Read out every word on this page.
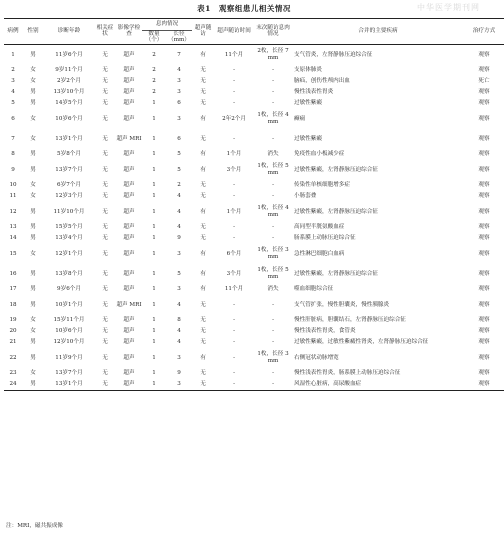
表1　观察组患儿相关情况	中华医学期刊网
病例	性别	诊断年龄	相关症状	影像学检查	息肉情况		超声随访	超声随访时间	末次随访息肉情况	合并的主要疾病	治疗方式
					数量（个）	长径（mm）					
1	男	11岁6个月	无	超声	2	7	有	11个月	2枚，长径 7 mm	支气管炎，左肾静脉压迫综合征	观察
2	女	9岁11个月	无	超声	2	4	无	-	-	支原体肺炎	观察
3	女	2岁2个月	无	超声	2	3	无	-	-	脑疝，创伤性颅内出血	死亡
4	男	13岁10个月	无	超声	2	3	无	-	-	慢性浅表性胃炎	观察
5	男	14岁5个月	无	超声	1	6	无	-	-	过敏性紫癜	观察
6	女	10岁6个月	无	超声	1	3	有	2年2个月	1枚，长径 4 mm	癫痫	观察
7	女	13岁1个月	无	超声 MRI	1	6	无	-	-	过敏性紫癜	观察
8	男	5岁8个月	无	超声	1	5	有	1个月	消失	免疫性血小板减少症	观察
9	男	13岁7个月	无	超声	1	5	有	3个月	1枚，长径 5 mm	过敏性紫癜，左肾静脉压迫综合征	观察
10	女	6岁7个月	无	超声	1	2	无	-	-	传染性单核细胞增多症	观察
11	女	12岁3个月	无	超声	1	4	无	-	-	小肠套叠	观察
12	男	11岁10个月	无	超声	1	4	有	1个月	1枚，长径 4 mm	过敏性紫癜，左肾静脉压迫综合征	观察
13	男	15岁5个月	无	超声	1	4	无	-	-	高同型半胱氨酸血症	观察
14	男	13岁4个月	无	超声	1	9	无	-	-	肠系膜上动脉压迫综合征	观察
15	女	12岁1个月	无	超声	1	3	有	6个月	1枚，长径 3 mm	急性淋巴细胞白血病	观察
16	男	13岁8个月	无	超声	1	5	有	3个月	1枚，长径 5 mm	过敏性紫癜，左肾静脉压迫综合征	观察
17	男	9岁6个月	无	超声	1	3	有	11个月	消失	噬血细胞综合征	观察
18	男	10岁1个月	无	超声 MRI	1	4	无	-	-	支气管扩张，慢性胆囊炎，慢性胰腺炎	观察
19	女	15岁11个月	无	超声	1	8	无	-	-	慢性肝脏病，胆囊结石，左肾静脉压迫综合征	观察
20	女	10岁6个月	无	超声	1	4	无	-	-	慢性浅表性胃炎，食管炎	观察
21	男	12岁10个月	无	超声	1	4	无	-	-	过敏性紫癜，过敏性紫癜性肾炎，左肾静脉压迫综合征	观察
22	男	11岁9个月	无	超声	1	3	有	-	1枚，长径 3 mm	右侧冠状动脉增宽	观察
23	女	13岁7个月	无	超声	1	9	无	-	-	慢性浅表性胃炎，肠系膜上动脉压迫综合征	观察
24	男	13岁1个月	无	超声	1	3	无	-	-	风湿性心脏病，高尿酸血症	观察
注：MRI，磁共振成像
